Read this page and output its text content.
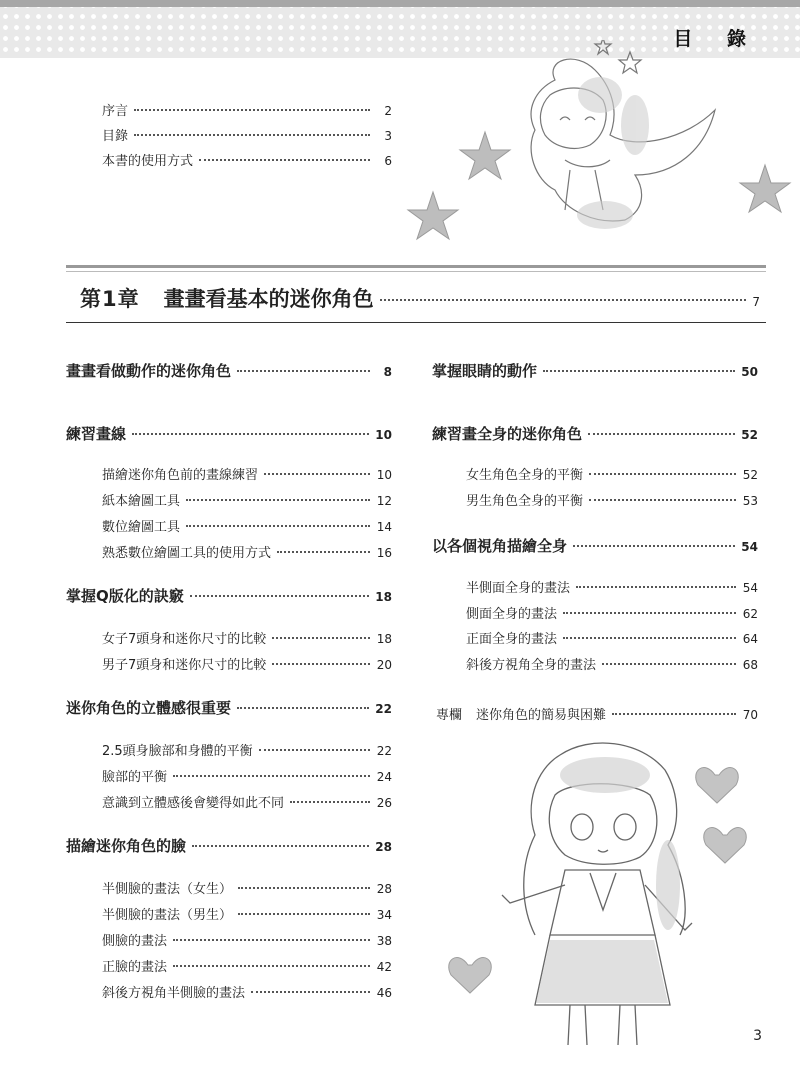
目 錄
序言	2
目錄	3
本書的使用方式	6
第1章 畫畫看基本的迷你角色	7
畫畫看做動作的迷你角色	8
練習畫線	10
描繪迷你角色前的畫線練習	10
紙本繪圖工具	12
數位繪圖工具	14
熟悉數位繪圖工具的使用方式	16
掌握Q版化的訣竅	18
女子7頭身和迷你尺寸的比較	18
男子7頭身和迷你尺寸的比較	20
迷你角色的立體感很重要	22
2.5頭身臉部和身體的平衡	22
臉部的平衡	24
意識到立體感後會變得如此不同	26
描繪迷你角色的臉	28
半側臉的畫法（女生）	28
半側臉的畫法（男生）	34
側臉的畫法	38
正臉的畫法	42
斜後方視角半側臉的畫法	46
掌握眼睛的動作	50
練習畫全身的迷你角色	52
女生角色全身的平衡	52
男生角色全身的平衡	53
以各個視角描繪全身	54
半側面全身的畫法	54
側面全身的畫法	62
正面全身的畫法	64
斜後方視角全身的畫法	68
專欄 迷你角色的簡易與困難	70
3
